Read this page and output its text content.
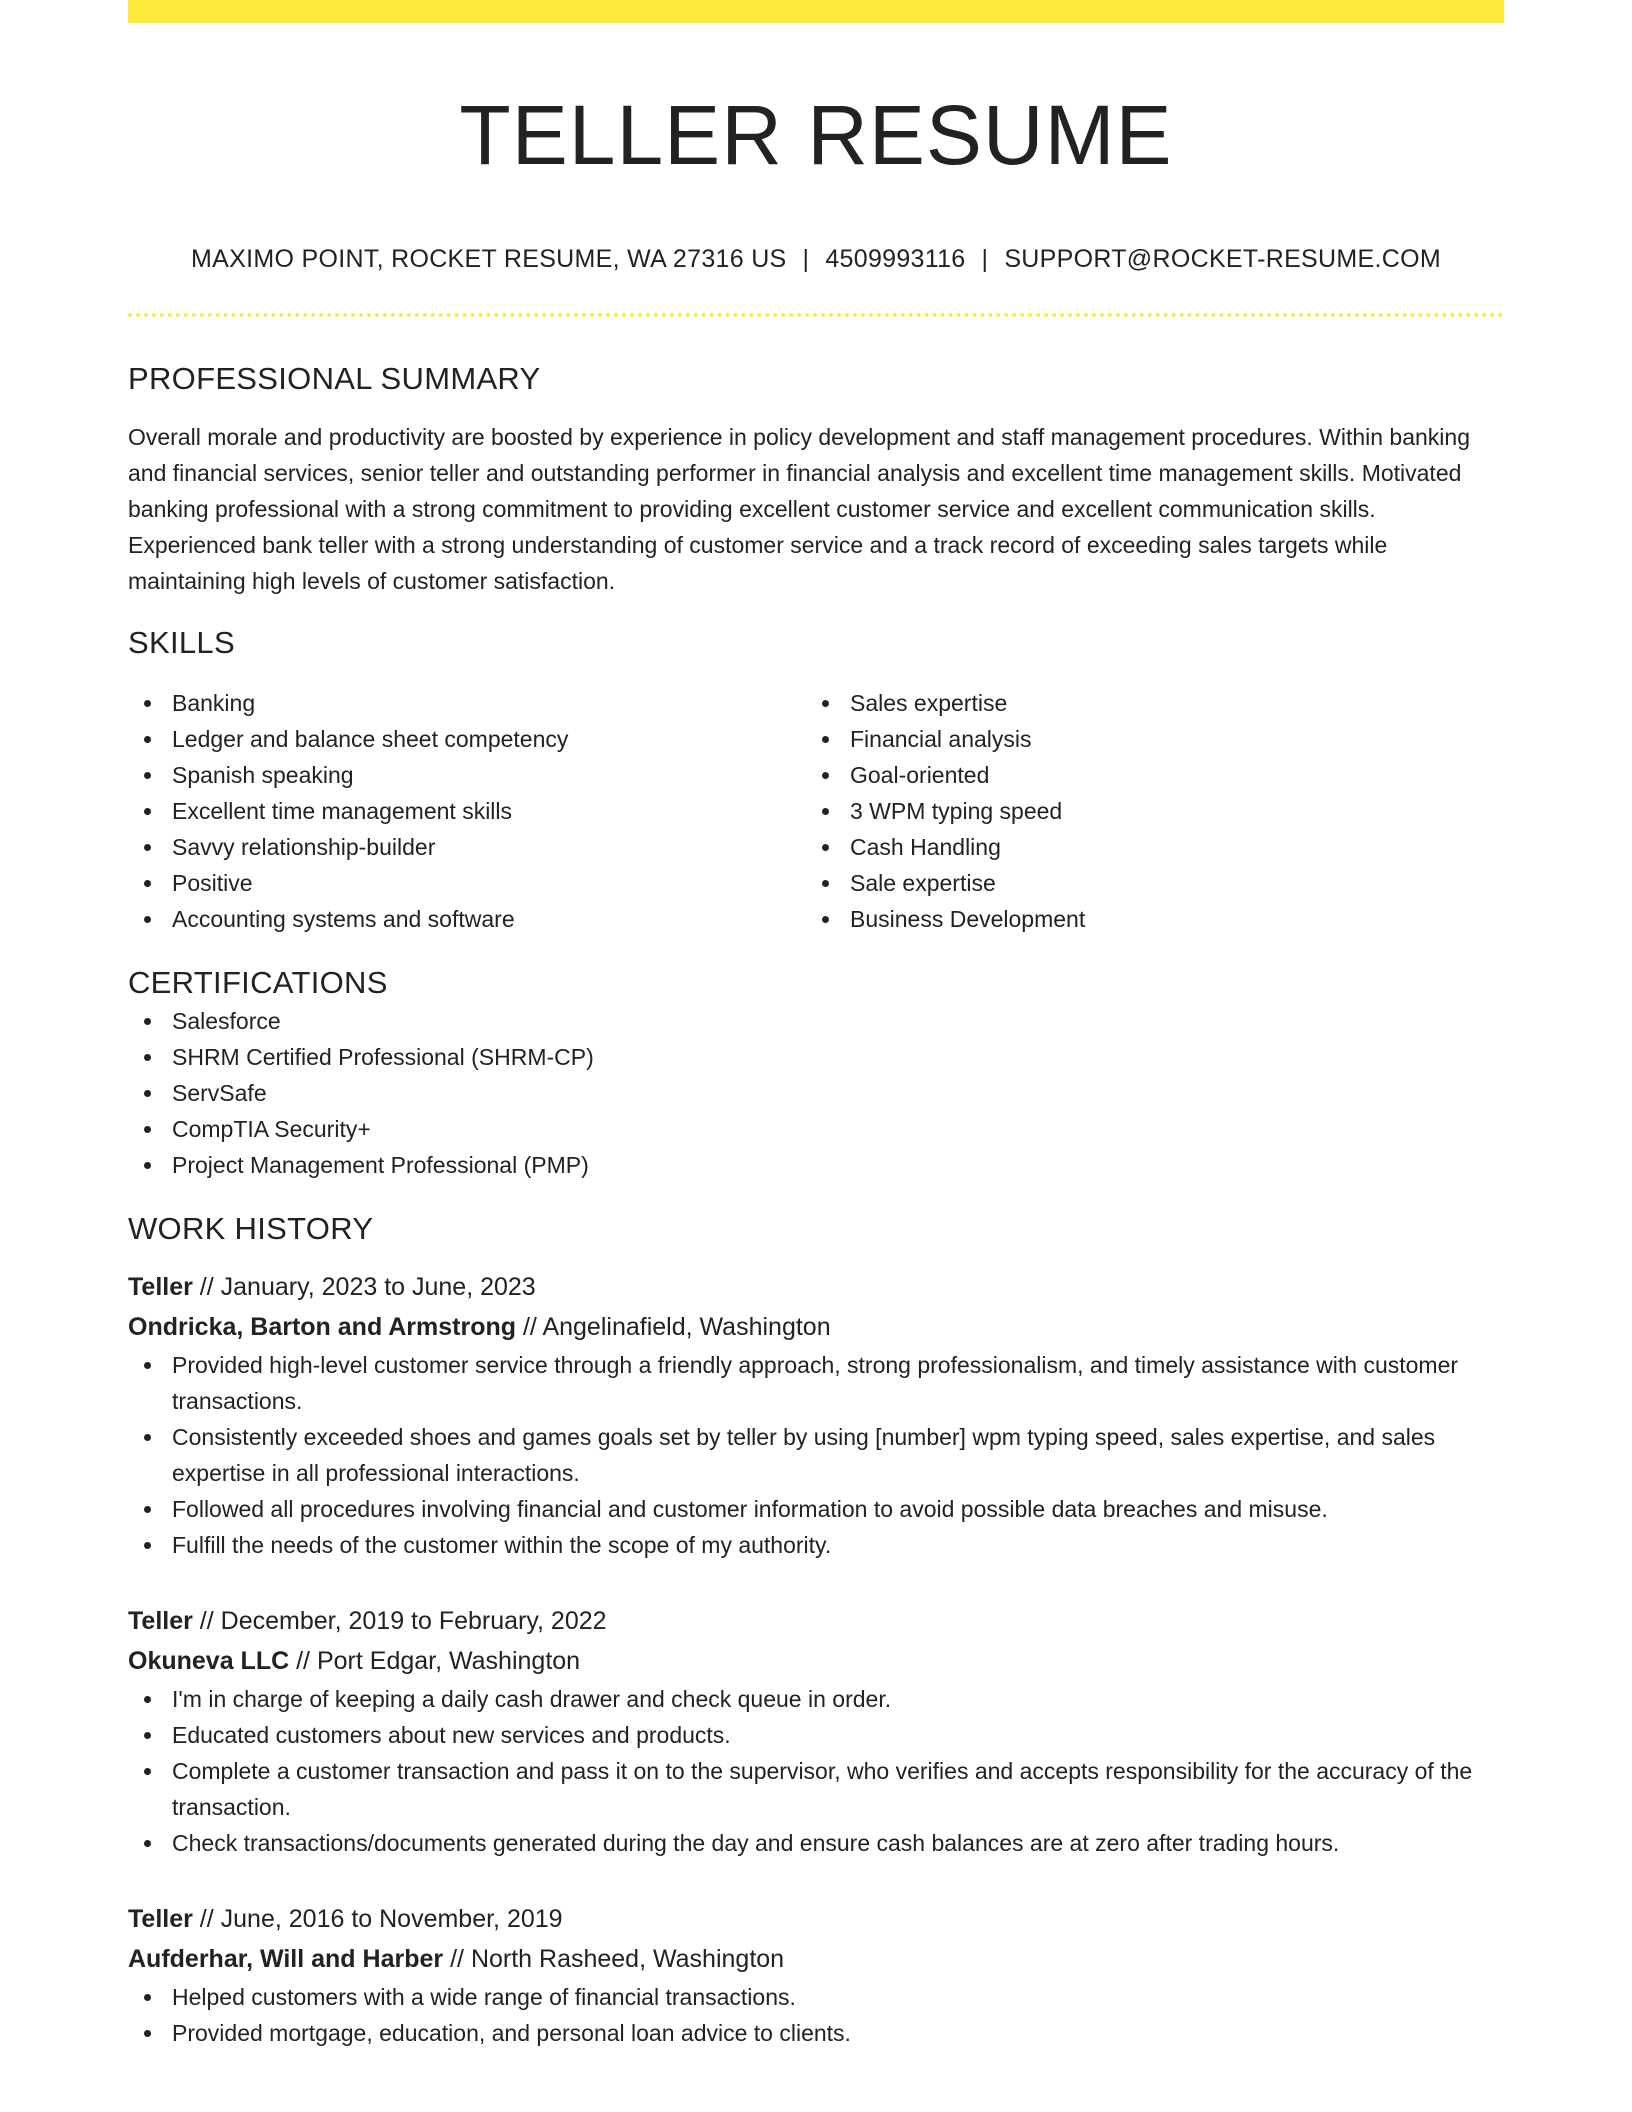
TELLER RESUME
MAXIMO POINT, ROCKET RESUME, WA 27316 US | 4509993116 | SUPPORT@ROCKET-RESUME.COM
PROFESSIONAL SUMMARY
Overall morale and productivity are boosted by experience in policy development and staff management procedures. Within banking and financial services, senior teller and outstanding performer in financial analysis and excellent time management skills. Motivated banking professional with a strong commitment to providing excellent customer service and excellent communication skills. Experienced bank teller with a strong understanding of customer service and a track record of exceeding sales targets while maintaining high levels of customer satisfaction.
SKILLS
Banking
Ledger and balance sheet competency
Spanish speaking
Excellent time management skills
Savvy relationship-builder
Positive
Accounting systems and software
Sales expertise
Financial analysis
Goal-oriented
3 WPM typing speed
Cash Handling
Sale expertise
Business Development
CERTIFICATIONS
Salesforce
SHRM Certified Professional (SHRM-CP)
ServSafe
CompTIA Security+
Project Management Professional (PMP)
WORK HISTORY
Teller // January, 2023 to June, 2023
Ondricka, Barton and Armstrong // Angelinafield, Washington
Provided high-level customer service through a friendly approach, strong professionalism, and timely assistance with customer transactions.
Consistently exceeded shoes and games goals set by teller by using [number] wpm typing speed, sales expertise, and sales expertise in all professional interactions.
Followed all procedures involving financial and customer information to avoid possible data breaches and misuse.
Fulfill the needs of the customer within the scope of my authority.
Teller // December, 2019 to February, 2022
Okuneva LLC // Port Edgar, Washington
I'm in charge of keeping a daily cash drawer and check queue in order.
Educated customers about new services and products.
Complete a customer transaction and pass it on to the supervisor, who verifies and accepts responsibility for the accuracy of the transaction.
Check transactions/documents generated during the day and ensure cash balances are at zero after trading hours.
Teller // June, 2016 to November, 2019
Aufderhar, Will and Harber // North Rasheed, Washington
Helped customers with a wide range of financial transactions.
Provided mortgage, education, and personal loan advice to clients.
